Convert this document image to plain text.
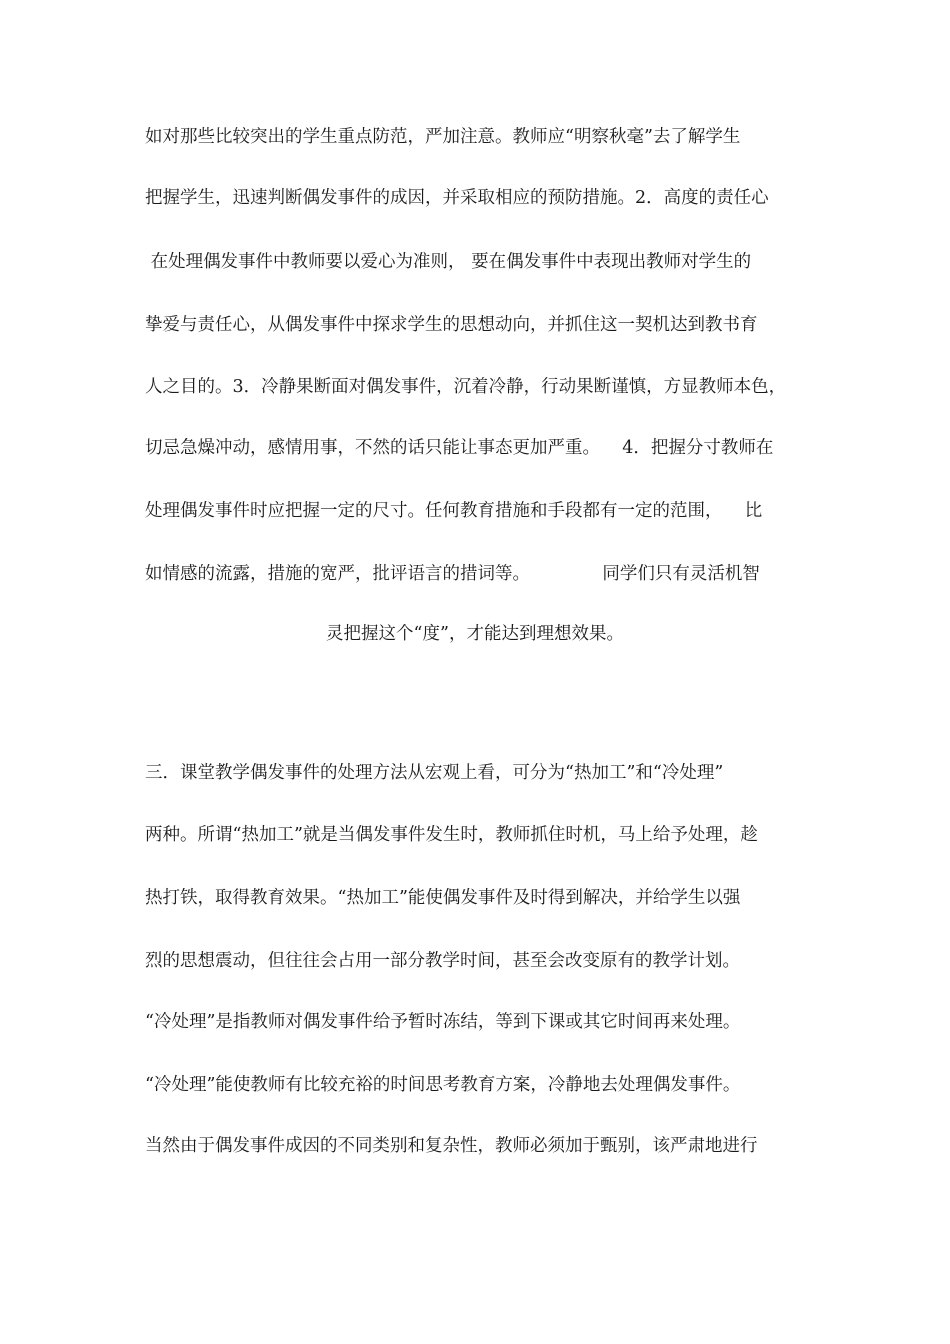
如对那些比较突出的学生重点防范，严加注意。教师应“明察秋毫”去了解学生
把握学生，迅速判断偶发事件的成因，并采取相应的预防措施。2．高度的责任心
在处理偶发事件中教师要以爱心为准则， 要在偶发事件中表现出教师对学生的
挚爱与责任心，从偶发事件中探求学生的思想动向，并抓住这一契机达到教书育
人之目的。3．冷静果断面对偶发事件，沉着冷静，行动果断谨慎，方显教师本色，
切忌急燥冲动，感情用事，不然的话只能让事态更加严重。    4．把握分寸教师在
处理偶发事件时应把握一定的尺寸。任何教育措施和手段都有一定的范围，    比
如情感的流露，措施的宽严，批评语言的措词等。             同学们只有灵活机智
灵把握这个“度”，才能达到理想效果。
三．课堂教学偶发事件的处理方法从宏观上看，可分为“热加工”和“冷处理”
两种。所谓“热加工”就是当偶发事件发生时，教师抓住时机，马上给予处理，趁
热打铁，取得教育效果。“热加工”能使偶发事件及时得到解决，并给学生以强
烈的思想震动，但往往会占用一部分教学时间，甚至会改变原有的教学计划。
“冷处理”是指教师对偶发事件给予暂时冻结，等到下课或其它时间再来处理。
“冷处理”能使教师有比较充裕的时间思考教育方案，冷静地去处理偶发事件。
当然由于偶发事件成因的不同类别和复杂性，教师必须加于甄别，该严肃地进行
